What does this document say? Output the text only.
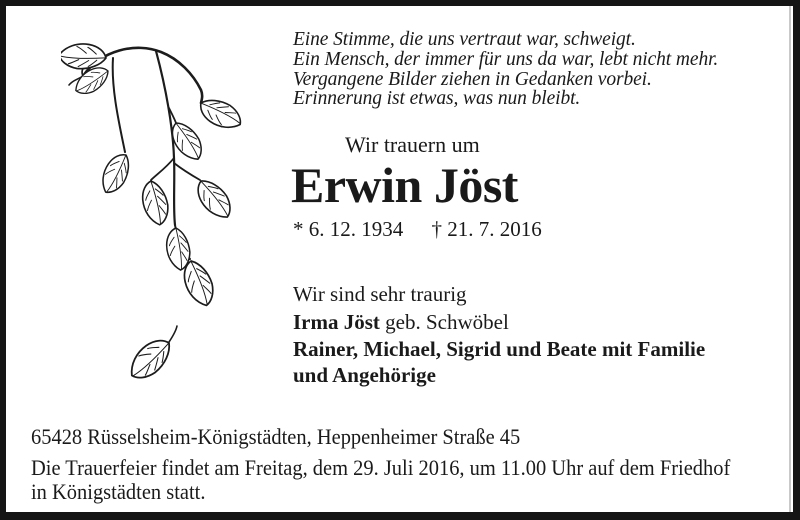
Eine Stimme, die uns vertraut war, schweigt.
Ein Mensch, der immer für uns da war, lebt nicht mehr.
Vergangene Bilder ziehen in Gedanken vorbei.
Erinnerung ist etwas, was nun bleibt.
Wir trauern um
Erwin Jöst
* 6. 12. 1934 † 21. 7. 2016
Wir sind sehr traurig
Irma Jöst geb. Schwöbel
Rainer, Michael, Sigrid und Beate mit Familie
und Angehörige
65428 Rüsselsheim-Königstädten, Heppenheimer Straße 45
Die Trauerfeier findet am Freitag, dem 29. Juli 2016, um 11.00 Uhr auf dem Friedhof
in Königstädten statt.
